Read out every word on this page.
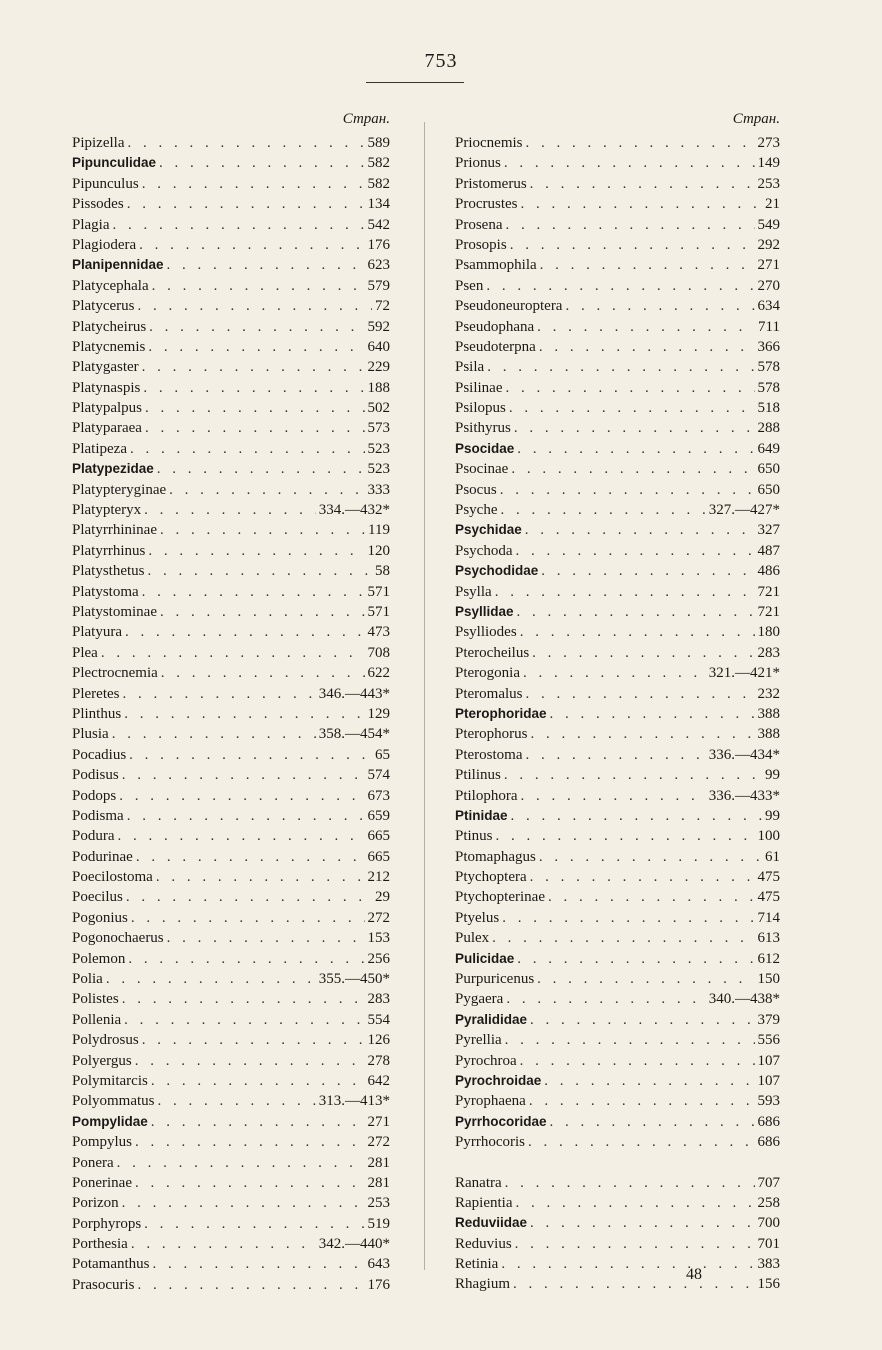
753
Стран.
Pipizella . . .	589
Pipunculidae . . .	582
Pipunculus . . .	582
Pissodes . . .	134
Plagia . . .	542
Plagiodera . . .	176
Planipennidae . . .	623
Platycephala . . .	579
Platycerus . . .	72
Platycheirus . . .	592
Platycnemis . . .	640
Platygaster . . .	229
Platynaspis . . .	188
Platypalpus . . .	502
Platyparaea . . .	573
Platipeza . . .	523
Platypezidae . . .	523
Platypteryginae . . .	333
Platypteryx . . .	334.—432*
Platyrrhininae . . .	119
Platyrrhinus . . .	120
Platysthetus . . .	58
Platystoma . . .	571
Platystominae . . .	571
Platyura . . .	473
Plea . . .	708
Plectrocnemia . . .	622
Pleretes . . .	346.—443*
Plinthus . . .	129
Plusia . . .	358.—454*
Pocadius . . .	65
Podisus . . .	574
Podops . . .	673
Podisma . . .	659
Podura . . .	665
Podurinae . . .	665
Poecilostoma . . .	212
Poecilus . . .	29
Pogonius . . .	272
Pogonochaerus . . .	153
Polemon . . .	256
Polia . . .	355.—450*
Polistes . . .	283
Pollenia . . .	554
Polydrosus . . .	126
Polyergus . . .	278
Polymitarcis . . .	642
Polyommatus . . .	313.—413*
Pompylidae . . .	271
Pompylus . . .	272
Ponera . . .	281
Ponerinae . . .	281
Porizon . . .	253
Porphyrops . . .	519
Porthesia . . .	342.—440*
Potamanthus . . .	643
Prasocuris . . .	176
Стран.
Priocnemis . . .	273
Prionus . . .	149
Pristomerus . . .	253
Procrustes . . .	21
Prosena . . .	549
Prosopis . . .	292
Psammophila . . .	271
Psen . . .	270
Pseudoneuroptera . . .	634
Pseudophana . . .	711
Pseudoterpna . . .	366
Psila . . .	578
Psilinae . . .	578
Psilopus . . .	518
Psithyrus . . .	288
Psocidae . . .	649
Psocinae . . .	650
Psocus . . .	650
Psyche . . .	327.—427*
Psychidae . . .	327
Psychoda . . .	487
Psychodidae . . .	486
Psylla . . .	721
Psyllidae . . .	721
Psylliodes . . .	180
Pterocheilus . . .	283
Pterogonia . . .	321.—421*
Pteromalus . . .	232
Pterophoridae . . .	388
Pterophorus . . .	388
Pterostoma . . .	336.—434*
Ptilinus . . .	99
Ptilophora . . .	336.—433*
Ptinidae . . .	99
Ptinus . . .	100
Ptomaphagus . . .	61
Ptychoptera . . .	475
Ptychopterinae . . .	475
Ptyelus . . .	714
Pulex . . .	613
Pulicidae . . .	612
Purpuricenus . . .	150
Pygaera . . .	340.—438*
Pyralididae . . .	379
Pyrellia . . .	556
Pyrochroa . . .	107
Pyrochroidae . . .	107
Pyrophaena . . .	593
Pyrrhocoridae . . .	686
Pyrrhocoris . . .	686
Ranatra . . .	707
Rapientia . . .	258
Reduviidae . . .	700
Reduvius . . .	701
Retinia . . .	383
Rhagium . . .	156
48
